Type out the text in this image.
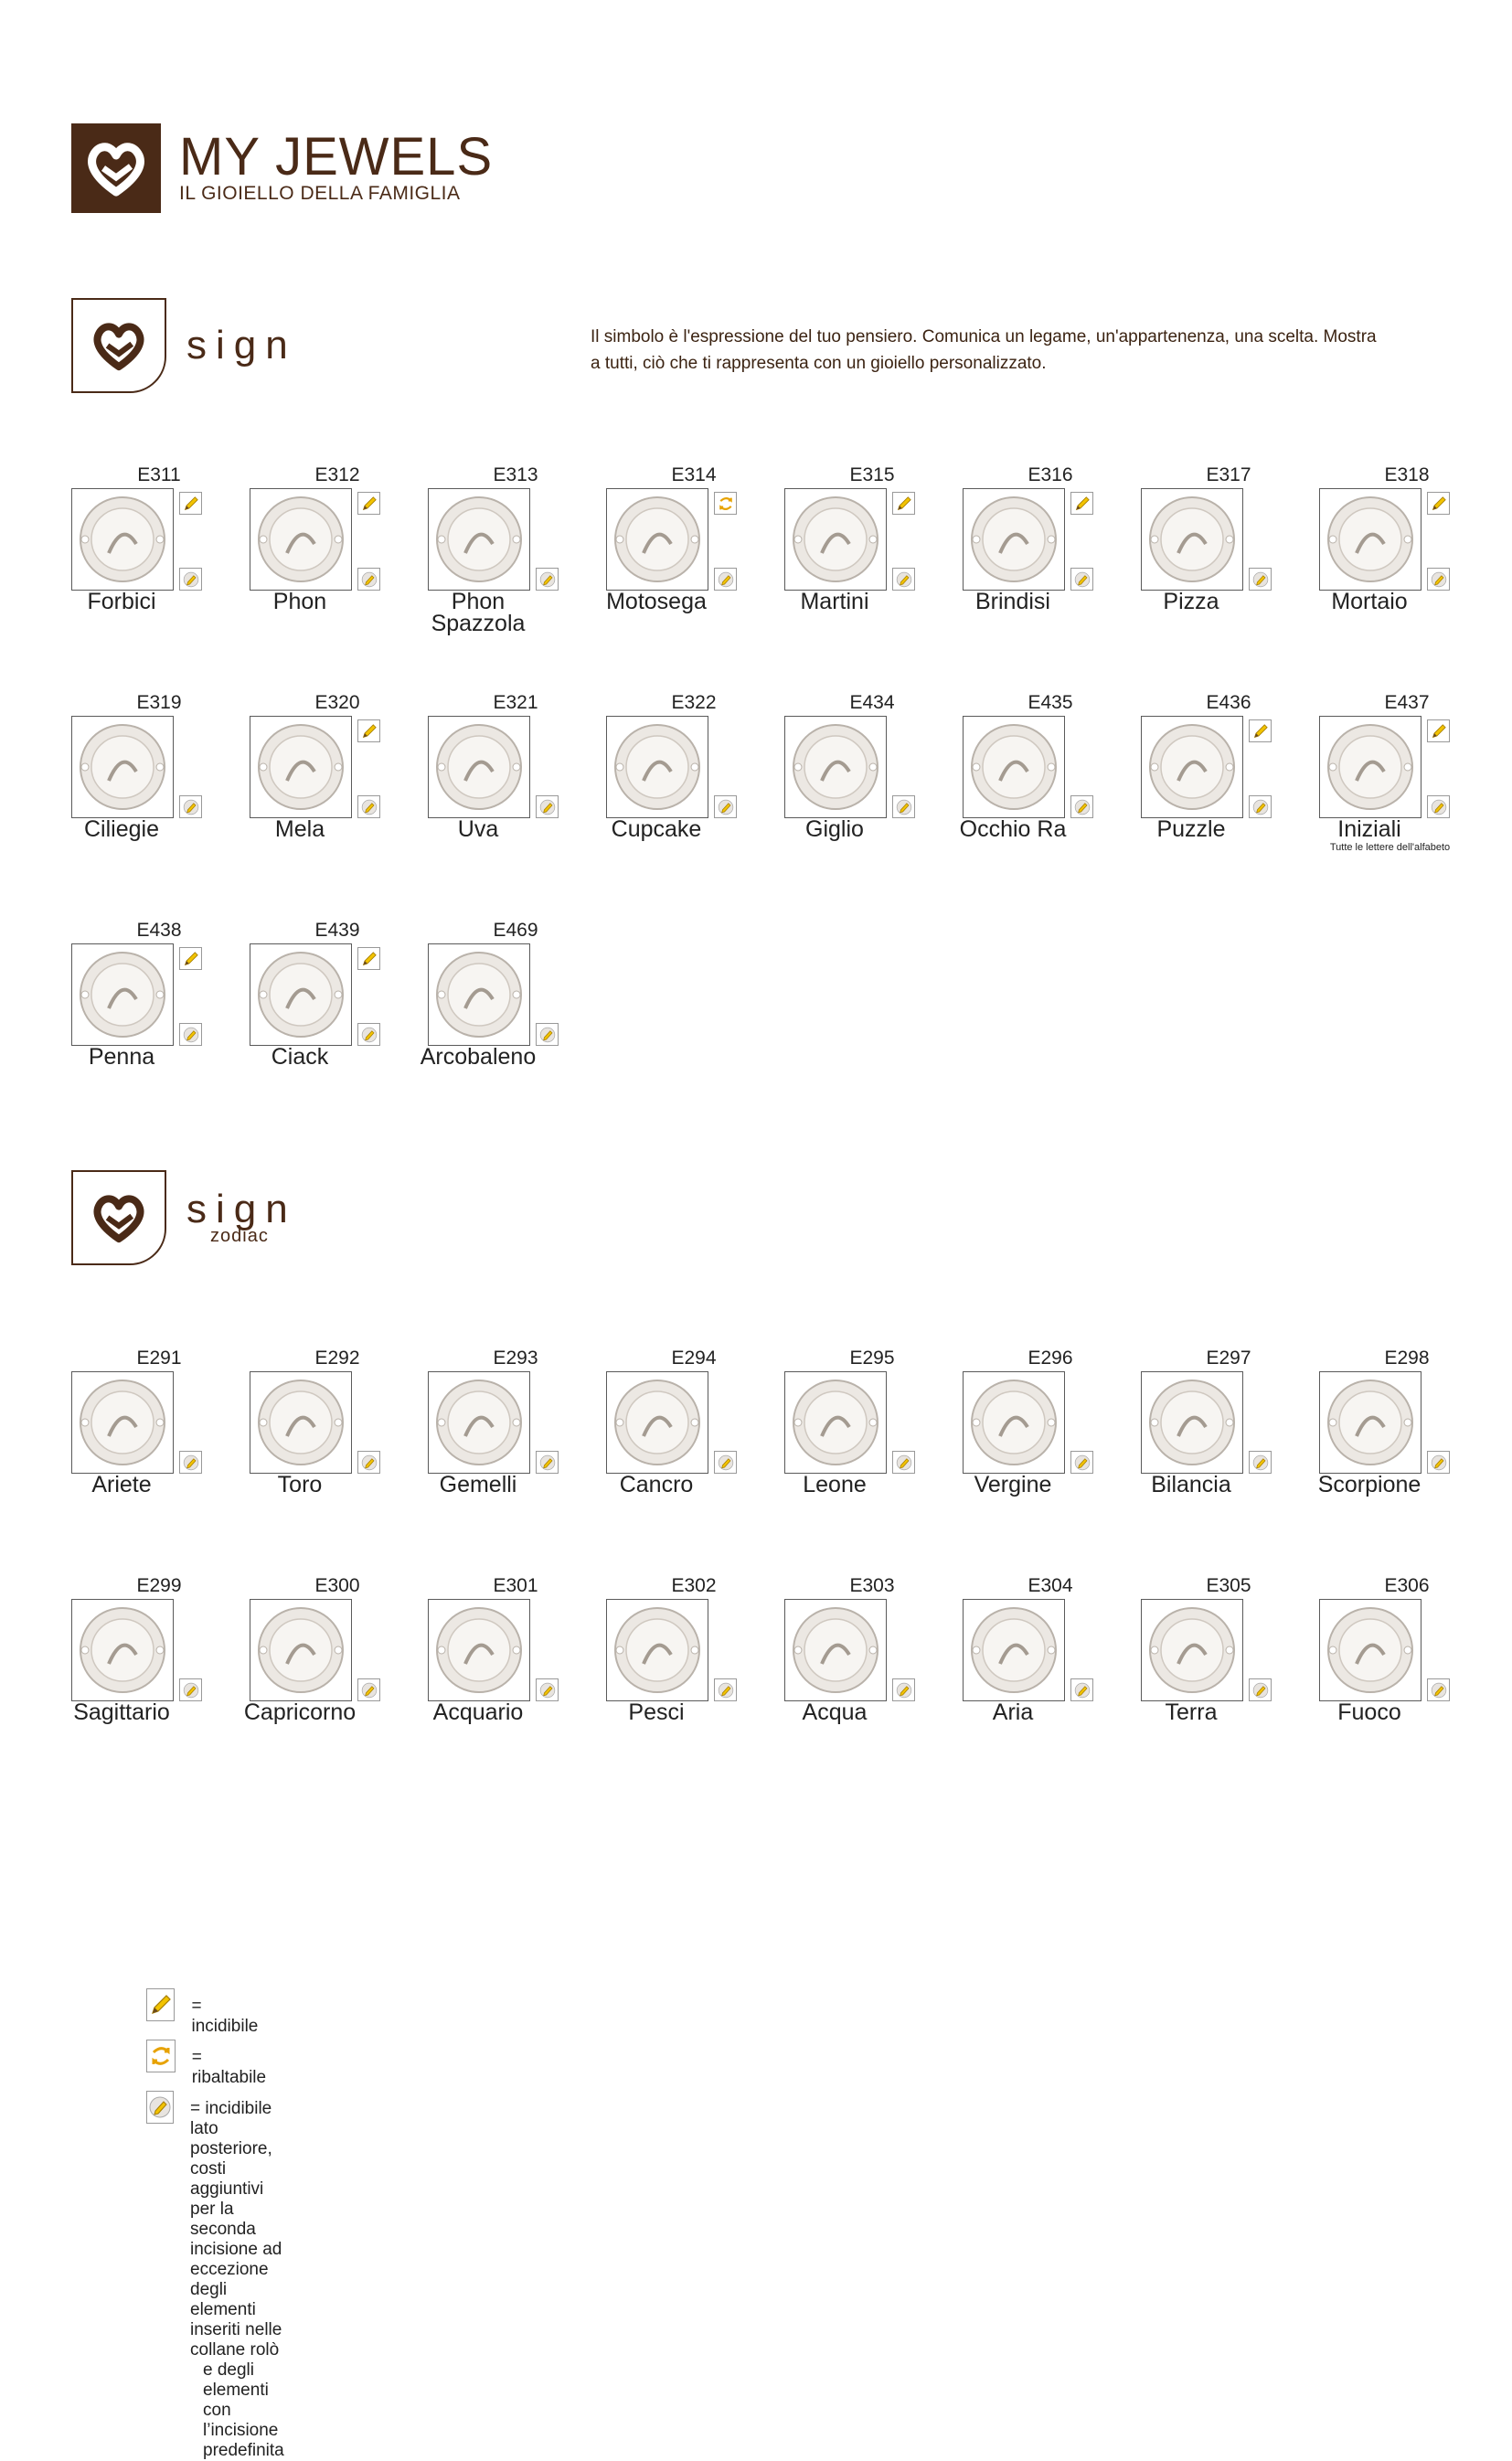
MY JEWELS
IL GIOIELLO DELLA FAMIGLIA
sign	Il simbolo è l'espressione del tuo pensiero. Comunica un legame, un'appartenenza, una scelta. Mostra
a tutti, ciò che ti rappresenta con un gioiello personalizzato.
sign
zodiac
E311
Forbici
E312
Phon
E313
Phon
Spazzola
E314
Motosega
E315
Martini
E316
Brindisi
E317
Pizza
E318
Mortaio
E319
Ciliegie
E320
Mela
E321
Uva
E322
Cupcake
E434
Giglio
E435
Occhio Ra
E436
Puzzle
E437
Iniziali
Tutte le lettere dell'alfabeto
E438
Penna
E439
Ciack
E469
Arcobaleno
E291
Ariete
E292
Toro
E293
Gemelli
E294
Cancro
E295
Leone
E296
Vergine
E297
Bilancia
E298
Scorpione
E299
Sagittario
E300
Capricorno
E301
Acquario
E302
Pesci
E303
Acqua
E304
Aria
E305
Terra
E306
Fuoco
= incidibile
= ribaltabile
= incidibile lato posteriore, costi aggiuntivi per la seconda incisione ad eccezione degli elementi inseriti nelle collane rolò
e degli elementi con l’incisione predefinita
